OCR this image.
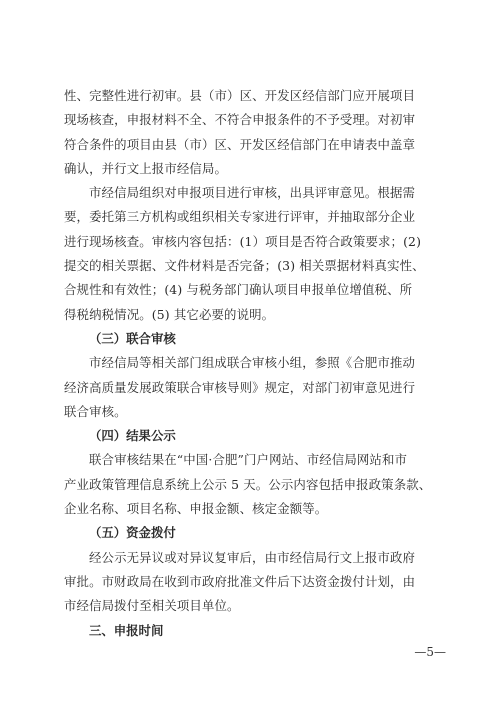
性、完整性进行初审。县（市）区、开发区经信部门应开展项目
现场核查，申报材料不全、不符合申报条件的不予受理。对初审
符合条件的项目由县（市）区、开发区经信部门在申请表中盖章
确认，并行文上报市经信局。
市经信局组织对申报项目进行审核，出具评审意见。根据需
要，委托第三方机构或组织相关专家进行评审，并抽取部分企业
进行现场核查。审核内容包括：(1）项目是否符合政策要求；(2)
提交的相关票据、文件材料是否完备；(3) 相关票据材料真实性、
合规性和有效性；(4) 与税务部门确认项目申报单位增值税、所
得税纳税情况。(5) 其它必要的说明。
（三）联合审核
市经信局等相关部门组成联合审核小组，参照《合肥市推动
经济高质量发展政策联合审核导则》规定，对部门初审意见进行
联合审核。
（四）结果公示
联合审核结果在“中国·合肥”门户网站、市经信局网站和市
产业政策管理信息系统上公示 5 天。公示内容包括申报政策条款、
企业名称、项目名称、申报金额、核定金额等。
（五）资金拨付
经公示无异议或对异议复审后，由市经信局行文上报市政府
审批。市财政局在收到市政府批准文件后下达资金拨付计划，由
市经信局拨付至相关项目单位。
三、申报时间
—5—
